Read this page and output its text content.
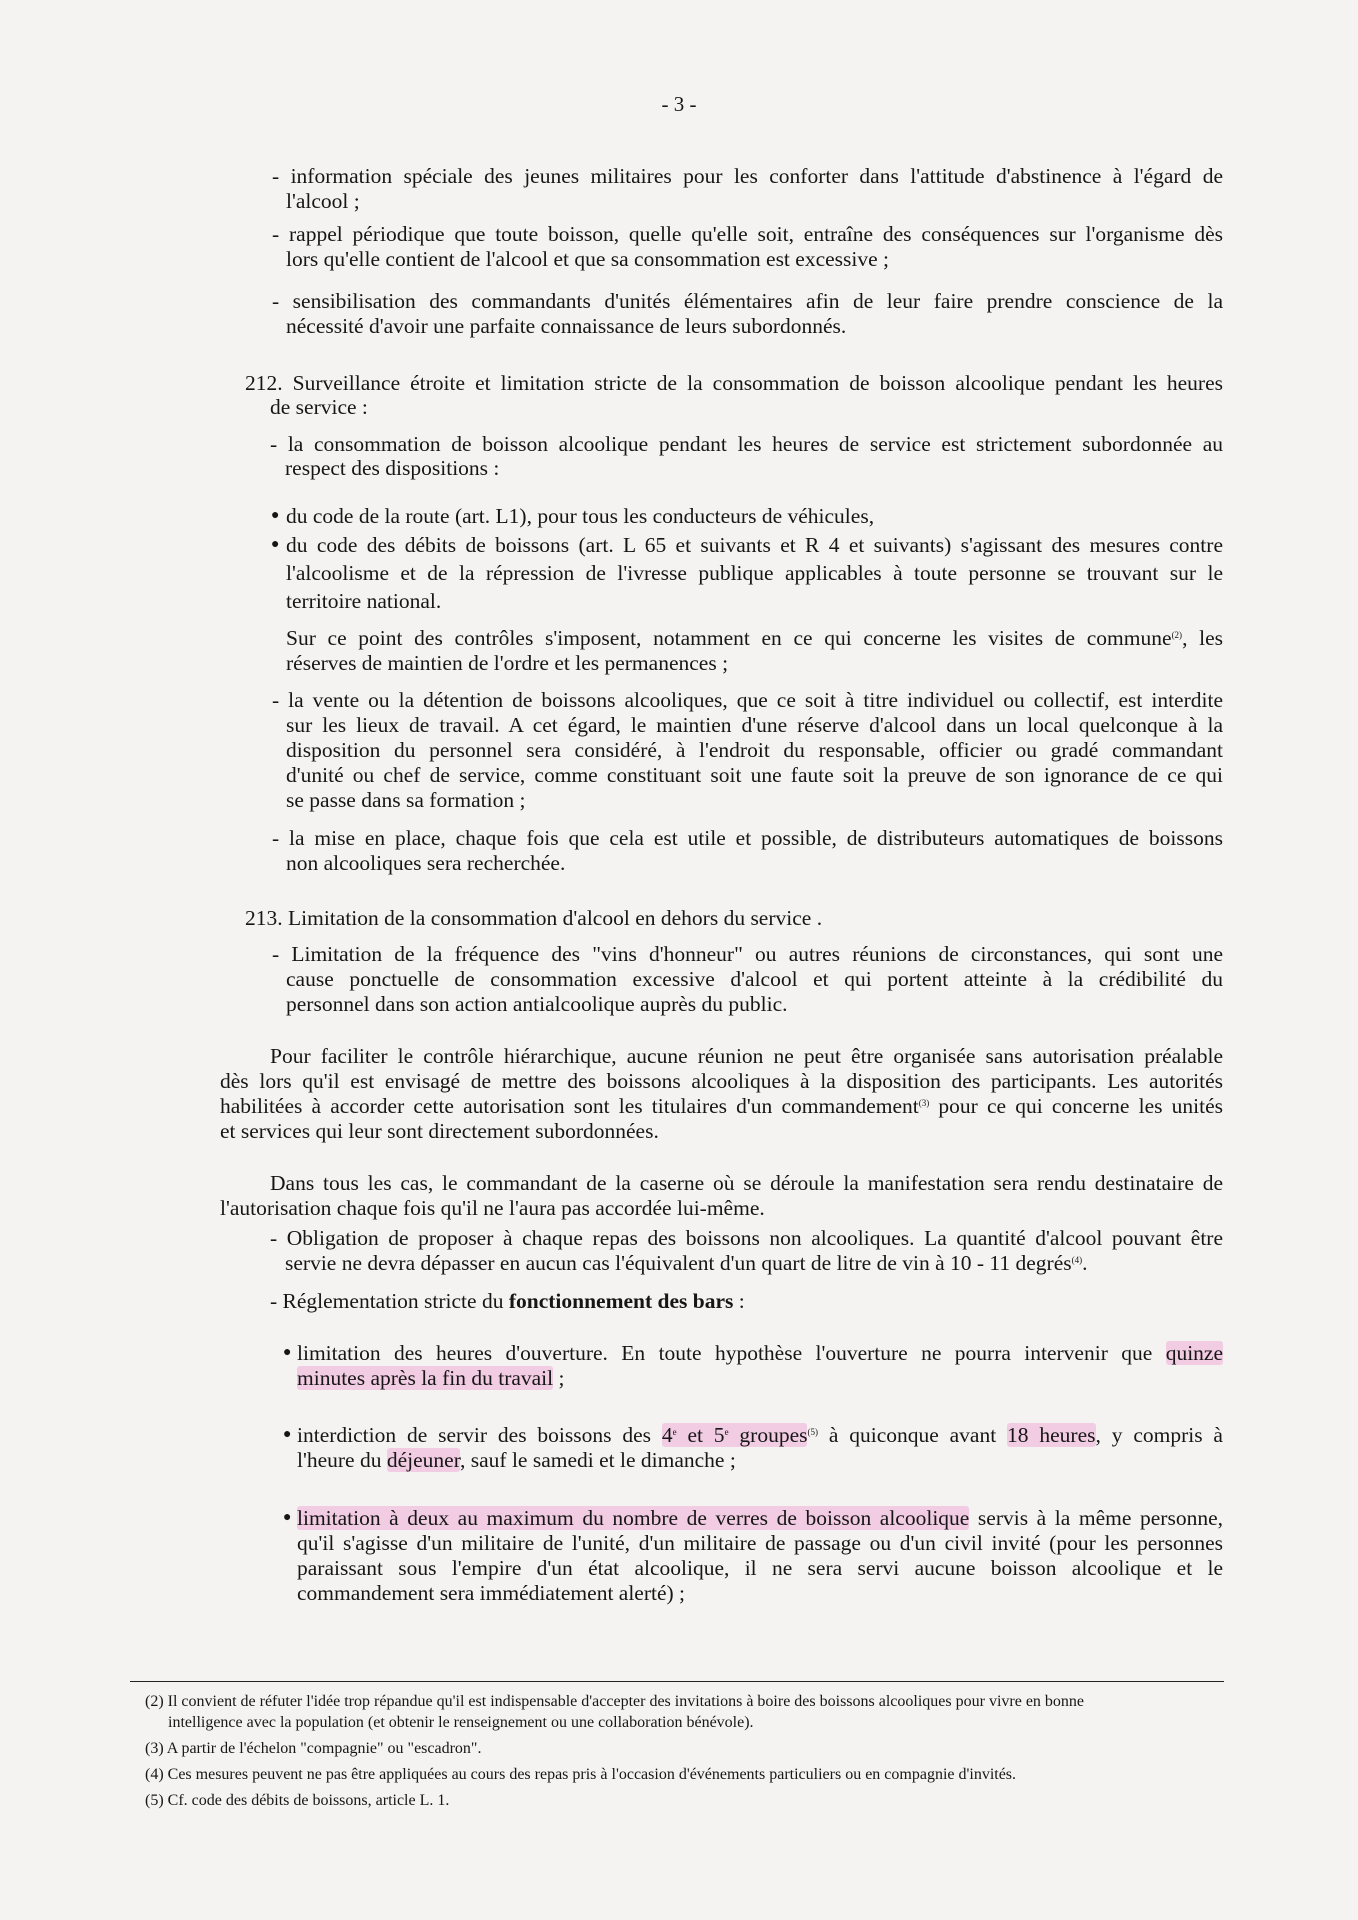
- 3 -
- information spéciale des jeunes militaires pour les conforter dans l'attitude d'abstinence à l'égard de
l'alcool ;
- rappel périodique que toute boisson, quelle qu'elle soit, entraîne des conséquences sur l'organisme dès
lors qu'elle contient de l'alcool et que sa consommation est excessive ;
- sensibilisation des commandants d'unités élémentaires afin de leur faire prendre conscience de la
nécessité d'avoir une parfaite connaissance de leurs subordonnés.
212. Surveillance étroite et limitation stricte de la consommation de boisson alcoolique pendant les heures
de service :
- la consommation de boisson alcoolique pendant les heures de service est strictement subordonnée au
respect des dispositions :
● du code de la route (art. L1), pour tous les conducteurs de véhicules,
● du code des débits de boissons (art. L 65 et suivants et R 4 et suivants) s'agissant des mesures contre
l'alcoolisme et de la répression de l'ivresse publique applicables à toute personne se trouvant sur le
territoire national.
Sur ce point des contrôles s'imposent, notamment en ce qui concerne les visites de commune$^{(2)}$, les
réserves de maintien de l'ordre et les permanences ;
- la vente ou la détention de boissons alcooliques, que ce soit à titre individuel ou collectif, est interdite
sur les lieux de travail. A cet égard, le maintien d'une réserve d'alcool dans un local quelconque à la
disposition du personnel sera considéré, à l'endroit du responsable, officier ou gradé commandant
d'unité ou chef de service, comme constituant soit une faute soit la preuve de son ignorance de ce qui
se passe dans sa formation ;
- la mise en place, chaque fois que cela est utile et possible, de distributeurs automatiques de boissons
non alcooliques sera recherchée.
213. Limitation de la consommation d'alcool en dehors du service .
- Limitation de la fréquence des "vins d'honneur" ou autres réunions de circonstances, qui sont une
cause ponctuelle de consommation excessive d'alcool et qui portent atteinte à la crédibilité du
personnel dans son action antialcoolique auprès du public.
Pour faciliter le contrôle hiérarchique, aucune réunion ne peut être organisée sans autorisation préalable
dès lors qu'il est envisagé de mettre des boissons alcooliques à la disposition des participants. Les autorités
habilitées à accorder cette autorisation sont les titulaires d'un commandement$^{(3)}$ pour ce qui concerne les unités
et services qui leur sont directement subordonnées.
Dans tous les cas, le commandant de la caserne où se déroule la manifestation sera rendu destinataire de
l'autorisation chaque fois qu'il ne l'aura pas accordée lui-même.
- Obligation de proposer à chaque repas des boissons non alcooliques. La quantité d'alcool pouvant être
servie ne devra dépasser en aucun cas l'équivalent d'un quart de litre de vin à 10 - 11 degrés$^{(4)}$.
- Réglementation stricte du fonctionnement des bars :
● limitation des heures d'ouverture. En toute hypothèse l'ouverture ne pourra intervenir que quinze
minutes après la fin du travail ;
● interdiction de servir des boissons des 4e et 5e groupes$^{(5)}$ à quiconque avant 18 heures, y compris à
l'heure du déjeuner, sauf le samedi et le dimanche ;
● limitation à deux au maximum du nombre de verres de boisson alcoolique servis à la même personne,
qu'il s'agisse d'un militaire de l'unité, d'un militaire de passage ou d'un civil invité (pour les personnes
paraissant sous l'empire d'un état alcoolique, il ne sera servi aucune boisson alcoolique et le
commandement sera immédiatement alerté) ;
(2) Il convient de réfuter l'idée trop répandue qu'il est indispensable d'accepter des invitations à boire des boissons alcooliques pour vivre en bonne
intelligence avec la population (et obtenir le renseignement ou une collaboration bénévole).
(3) A partir de l'échelon "compagnie" ou "escadron".
(4) Ces mesures peuvent ne pas être appliquées au cours des repas pris à l'occasion d'événements particuliers ou en compagnie d'invités.
(5) Cf. code des débits de boissons, article L. 1.
